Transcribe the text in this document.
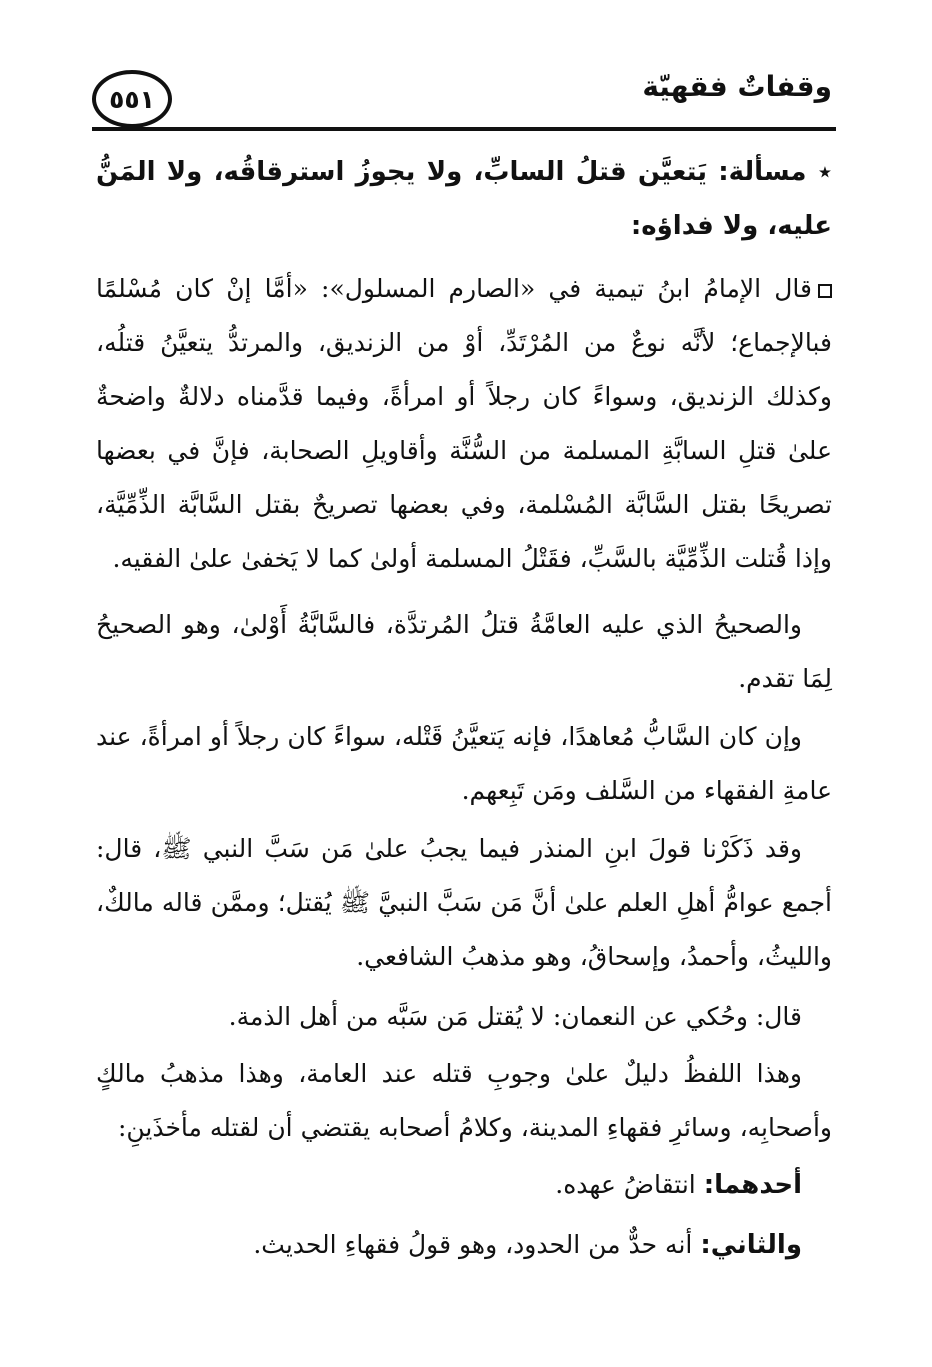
وقفاتٌ فقهيّة
٥٥١
٭ مسألة: يَتعيَّن قتلُ السابِّ، ولا يجوزُ استرقاقُه، ولا المَنُّ عليه، ولا فداؤه:
قال الإمامُ ابنُ تيمية في «الصارم المسلول»: «أمَّا إنْ كان مُسْلمًا فبالإجماع؛ لأنَّه نوعٌ من المُرْتَدِّ، أوْ من الزنديق، والمرتدُّ يتعيَّنُ قتلُه، وكذلك الزنديق، وسواءً كان رجلاً أو امرأةً، وفيما قدَّمناه دلالةٌ واضحةٌ علىٰ قتلِ السابَّةِ المسلمة من السُّنَّة وأقاويلِ الصحابة، فإنَّ في بعضها تصريحًا بقتل السَّابَّة المُسْلمة، وفي بعضها تصريحٌ بقتل السَّابَّة الذِّمِّيَّة، وإذا قُتلت الذِّمِّيَّة بالسَّبِّ، فقَتْلُ المسلمة أولىٰ كما لا يَخفىٰ علىٰ الفقيه.
والصحيحُ الذي عليه العامَّةُ قتلُ المُرتدَّة، فالسَّابَّةُ أَوْلىٰ، وهو الصحيحُ لِمَا تقدم.
وإن كان السَّابُّ مُعاهدًا، فإنه يَتعيَّنُ قَتْله، سواءً كان رجلاً أو امرأةً، عند عامةِ الفقهاء من السَّلف ومَن تَبِعهم.
وقد ذَكَرْنا قولَ ابنِ المنذر فيما يجبُ علىٰ مَن سَبَّ النبي ﷺ، قال: أجمع عوامُّ أهلِ العلم علىٰ أنَّ مَن سَبَّ النبيَّ ﷺ يُقتل؛ وممَّن قاله مالكٌ، والليثُ، وأحمدُ، وإسحاقُ، وهو مذهبُ الشافعي.
قال: وحُكي عن النعمان: لا يُقتل مَن سَبَّه من أهل الذمة.
وهذا اللفظُ دليلٌ علىٰ وجوبِ قتله عند العامة، وهذا مذهبُ مالكٍ وأصحابِه، وسائرِ فقهاءِ المدينة، وكلامُ أصحابه يقتضي أن لقتله مأخذَينِ:
أحدهما: انتقاضُ عهده.
والثاني: أنه حدٌّ من الحدود، وهو قولُ فقهاءِ الحديث.
